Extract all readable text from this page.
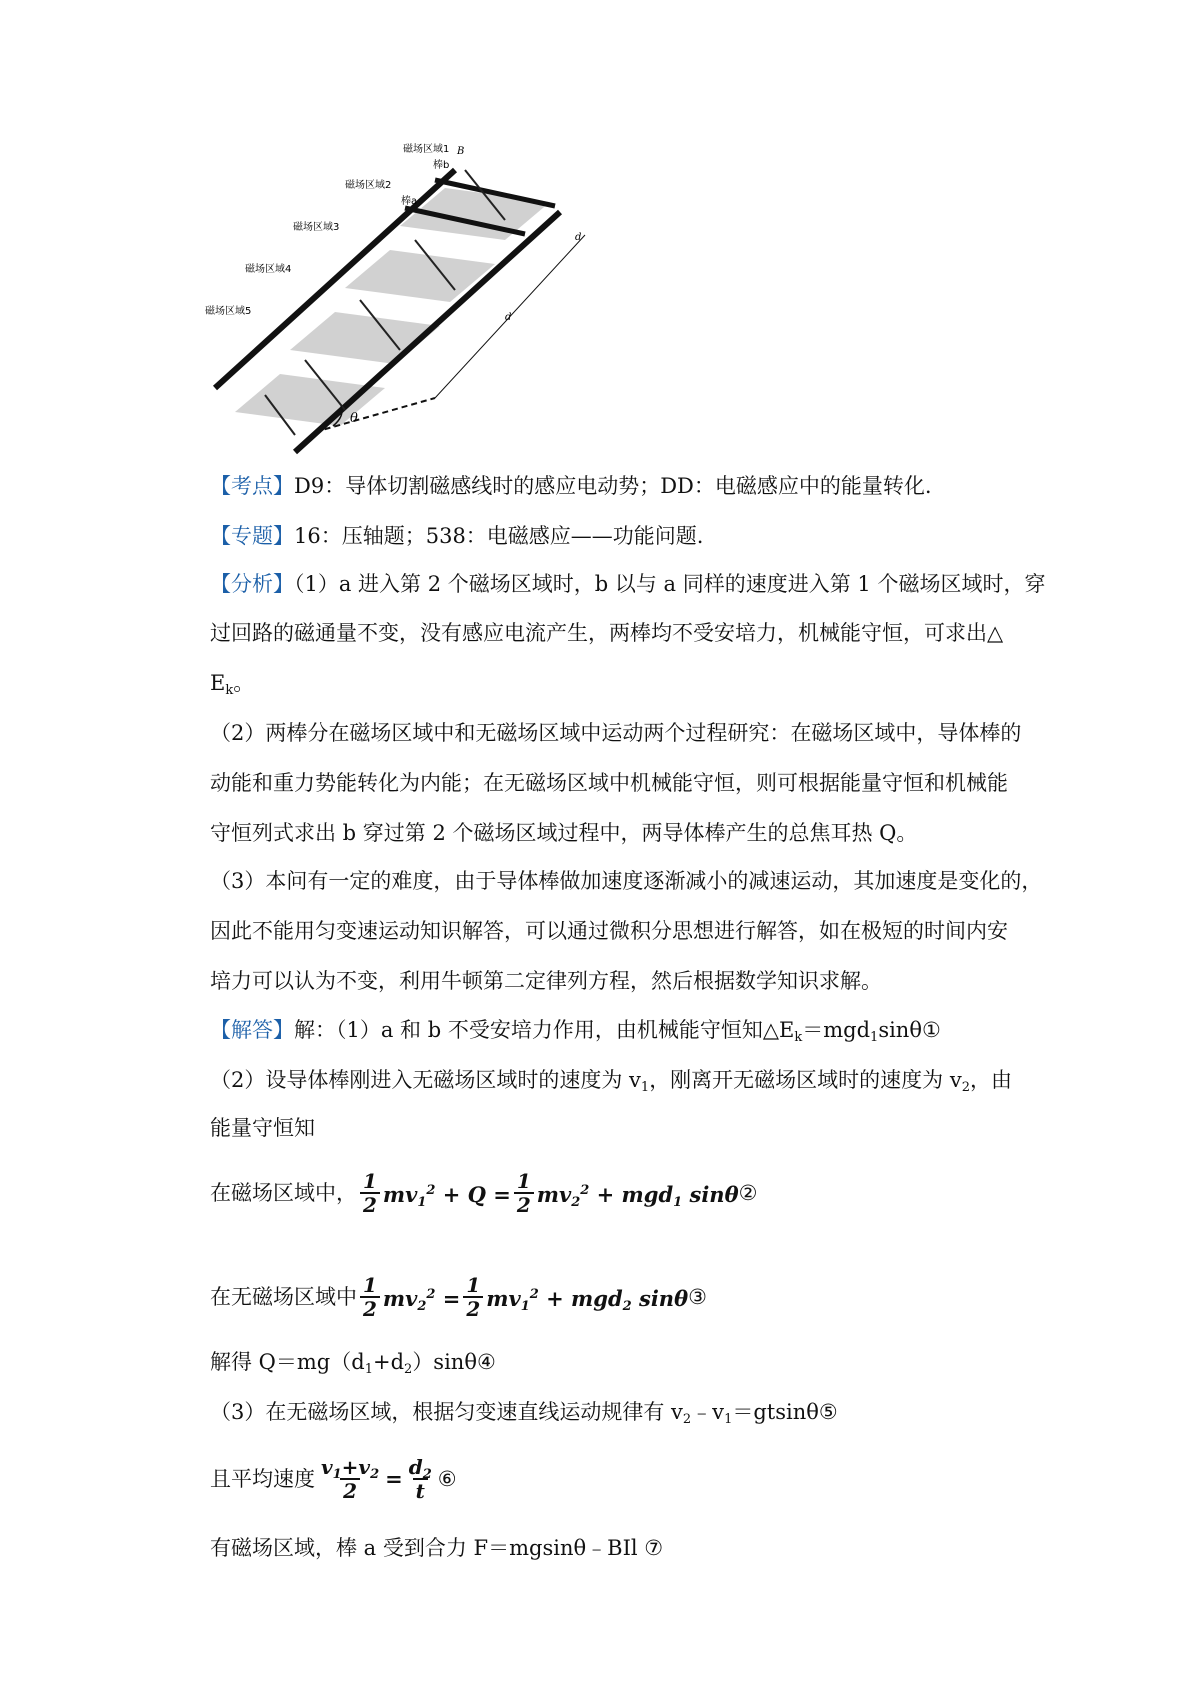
磁场区域1
棒b
磁场区域2
棒a
磁场区域3
磁场区域4
磁场区域5
B
d
d
θ
【考点】D9：导体切割磁感线时的感应电动势；DD：电磁感应中的能量转化.
【专题】16：压轴题；538：电磁感应——功能问题.
【分析】（1）a 进入第 2 个磁场区域时，b 以与 a 同样的速度进入第 1 个磁场区域时，穿
过回路的磁通量不变，没有感应电流产生，两棒均不受安培力，机械能守恒，可求出△
$E_k$。
（2）两棒分在磁场区域中和无磁场区域中运动两个过程研究：在磁场区域中，导体棒的
动能和重力势能转化为内能；在无磁场区域中机械能守恒，则可根据能量守恒和机械能
守恒列式求出 b 穿过第 2 个磁场区域过程中，两导体棒产生的总焦耳热 Q。
（3）本问有一定的难度，由于导体棒做加速度逐渐减小的减速运动，其加速度是变化的，
因此不能用匀变速运动知识解答，可以通过微积分思想进行解答，如在极短的时间内安
培力可以认为不变，利用牛顿第二定律列方程，然后根据数学知识求解。
【解答】解：（1）a 和 b 不受安培力作用，由机械能守恒知$\triangle E_k=mgd_1\sin\theta ①$
（2）设导体棒刚进入无磁场区域时的速度为 $v_1$，刚离开无磁场区域时的速度为 $v_2$，由
能量守恒知
在磁场区域中， $\frac{1}{2} mv_1^2 + Q = \frac{1}{2} mv_2^2 + mgd_1$ sinθ ②
在无磁场区域中 $\frac{1}{2} mv_2^2 = \frac{1}{2} mv_1^2 + mgd_2$ sinθ ③
解得 $Q=mg(d_1+d_2)\sin\theta ④$
（3）在无磁场区域，根据匀变速直线运动规律有 $v_2﹣v_1=gtsin\theta ⑤$
且平均速度 $\frac{v_1+v_2}{2} = \frac{d_2}{t}$ ⑥
有磁场区域，棒 a 受到合力 F＝mgsinθ﹣BIl ⑦
